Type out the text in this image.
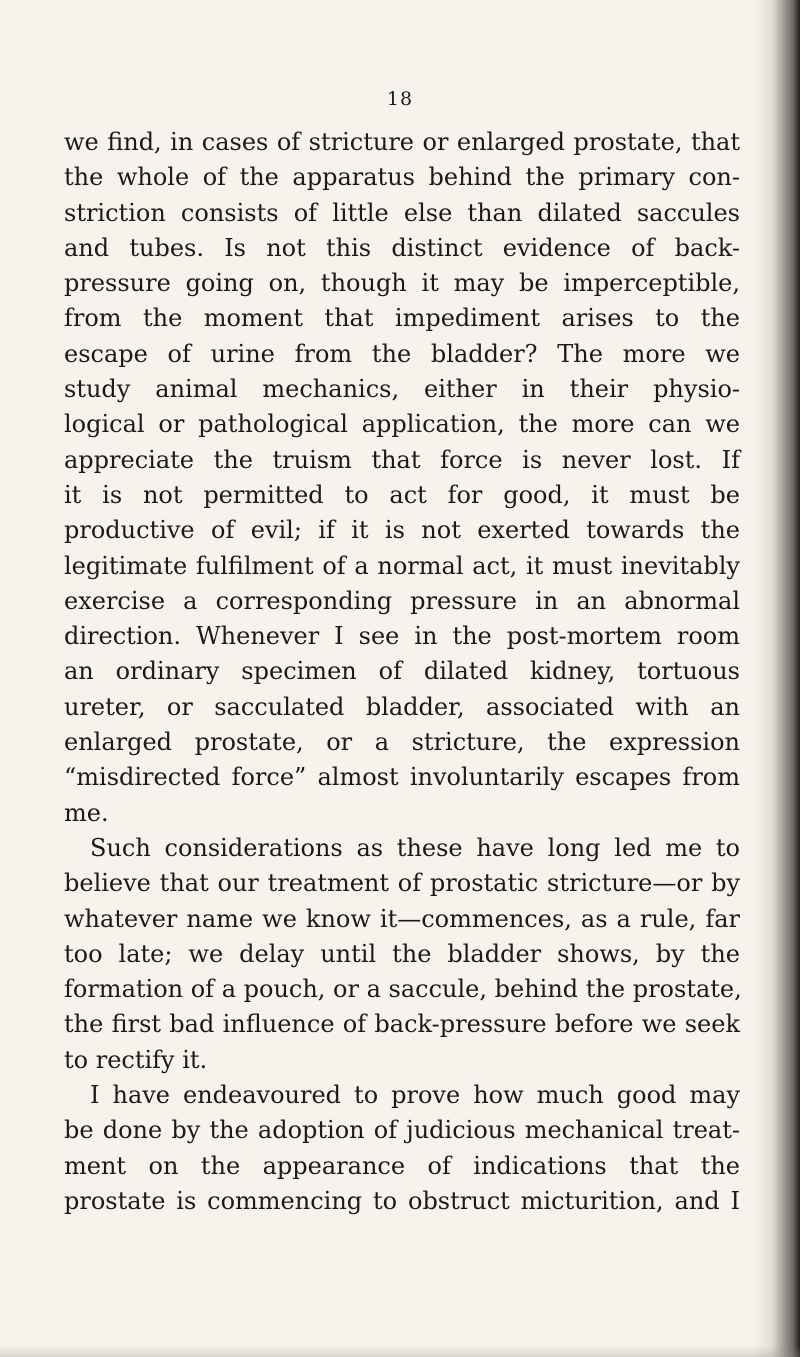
18
we find, in cases of stricture or enlarged prostate, that
the whole of the apparatus behind the primary con-
striction consists of little else than dilated saccules
and tubes. Is not this distinct evidence of back-
pressure going on, though it may be imperceptible,
from the moment that impediment arises to the
escape of urine from the bladder? The more we
study animal mechanics, either in their physio-
logical or pathological application, the more can we
appreciate the truism that force is never lost. If
it is not permitted to act for good, it must be
productive of evil; if it is not exerted towards the
legitimate fulfilment of a normal act, it must inevitably
exercise a corresponding pressure in an abnormal
direction. Whenever I see in the post-mortem room
an ordinary specimen of dilated kidney, tortuous
ureter, or sacculated bladder, associated with an
enlarged prostate, or a stricture, the expression
“misdirected force” almost involuntarily escapes from
me.
Such considerations as these have long led me to
believe that our treatment of prostatic stricture—or by
whatever name we know it—commences, as a rule, far
too late; we delay until the bladder shows, by the
formation of a pouch, or a saccule, behind the prostate,
the first bad influence of back-pressure before we seek
to rectify it.
I have endeavoured to prove how much good may
be done by the adoption of judicious mechanical treat-
ment on the appearance of indications that the
prostate is commencing to obstruct micturition, and I
